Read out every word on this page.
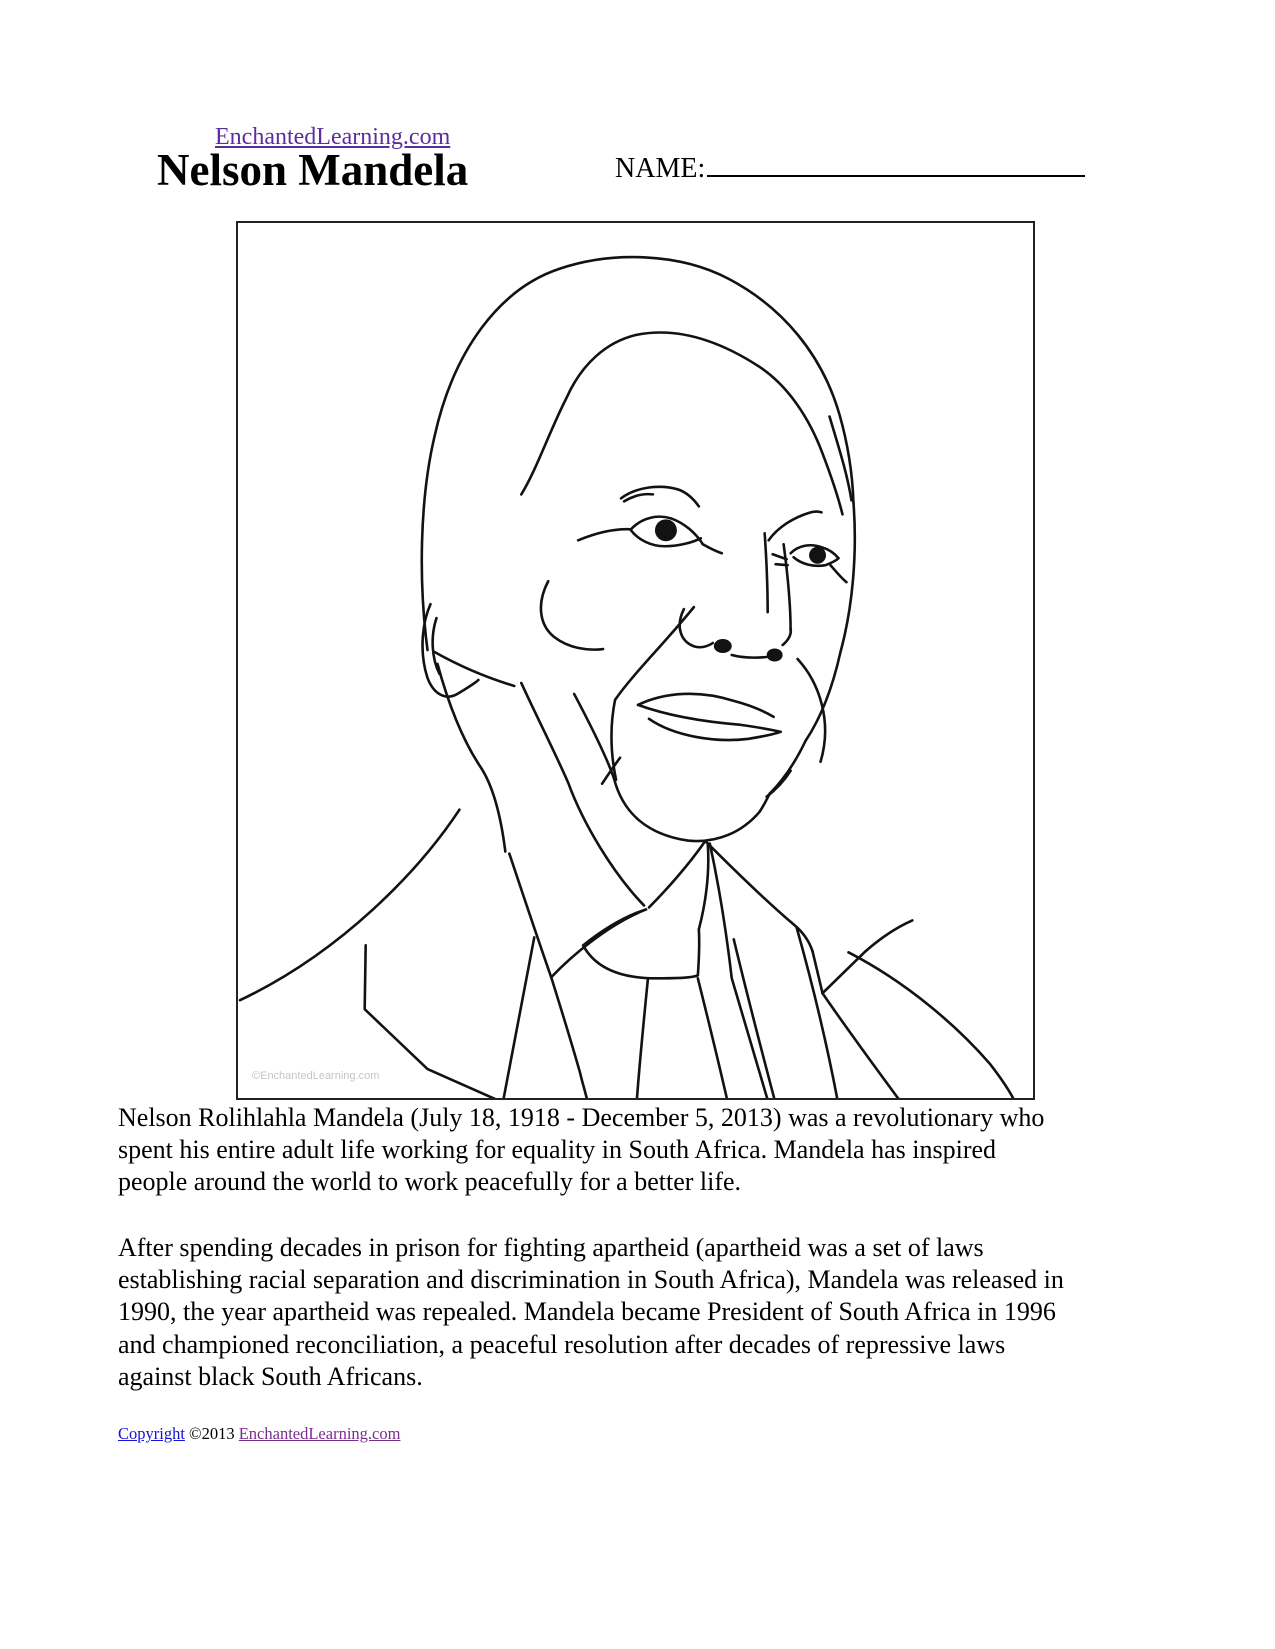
EnchantedLearning.com
Nelson Mandela	NAME:
©EnchantedLearning.com
Nelson Rolihlahla Mandela (July 18, 1918 - December 5, 2013) was a revolutionary who
spent his entire adult life working for equality in South Africa. Mandela has inspired
people around the world to work peacefully for a better life.
After spending decades in prison for fighting apartheid (apartheid was a set of laws
establishing racial separation and discrimination in South Africa), Mandela was released in
1990, the year apartheid was repealed. Mandela became President of South Africa in 1996
and championed reconciliation, a peaceful resolution after decades of repressive laws
against black South Africans.
Copyright ©2013 EnchantedLearning.com
